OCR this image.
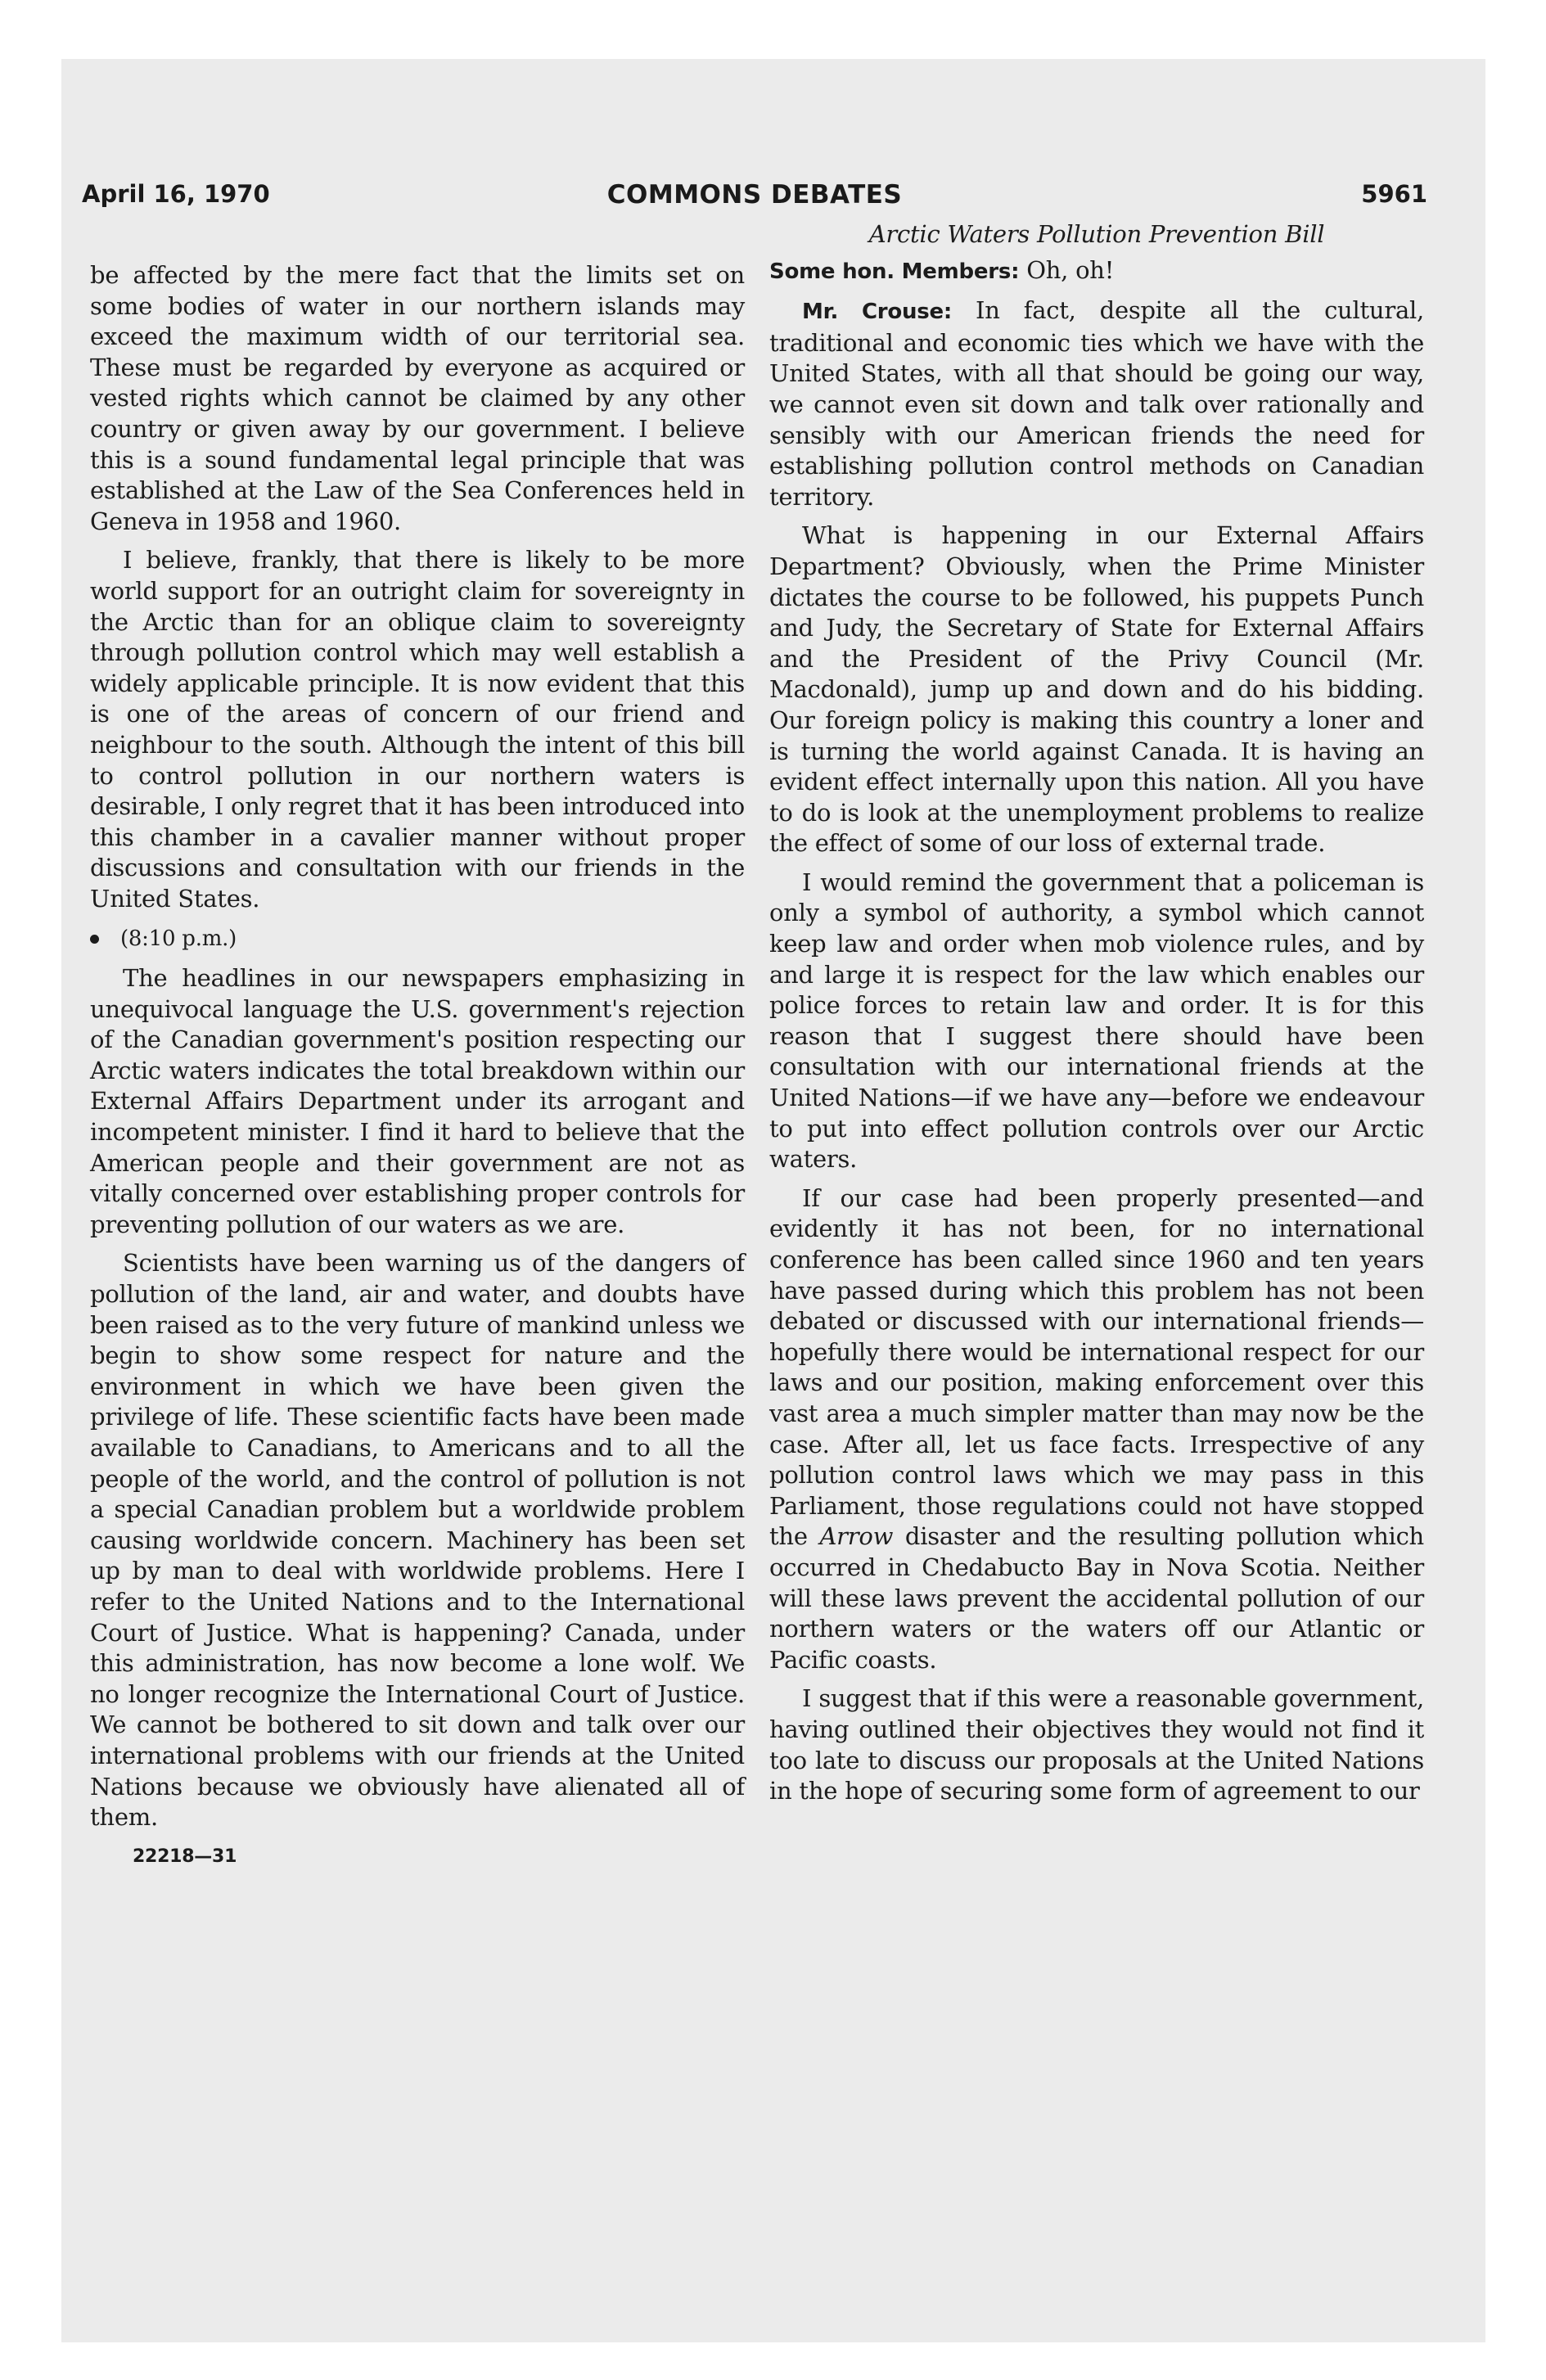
COMMONS DEBATES
April 16, 1970	5961

be affected by the mere fact that the limits set on some bodies of water in our northern islands may exceed the maximum width of our territorial sea. These must be regarded by everyone as acquired or vested rights which cannot be claimed by any other country or given away by our government. I believe this is a sound fundamental legal principle that was established at the Law of the Sea Conferences held in Geneva in 1958 and 1960.

I believe, frankly, that there is likely to be more world support for an outright claim for sovereignty in the Arctic than for an oblique claim to sovereignty through pollution control which may well establish a widely applicable principle. It is now evident that this is one of the areas of concern of our friend and neighbour to the south. Although the intent of this bill to control pollution in our northern waters is desirable, I only regret that it has been introduced into this chamber in a cavalier manner without proper discussions and consultation with our friends in the United States.

(8:10 p.m.)

The headlines in our newspapers emphasizing in unequivocal language the U.S. government's rejection of the Canadian government's position respecting our Arctic waters indicates the total breakdown within our External Affairs Department under its arrogant and incompetent minister. I find it hard to believe that the American people and their government are not as vitally concerned over establishing proper controls for preventing pollution of our waters as we are.

Scientists have been warning us of the dangers of pollution of the land, air and water, and doubts have been raised as to the very future of mankind unless we begin to show some respect for nature and the environment in which we have been given the privilege of life. These scientific facts have been made available to Canadians, to Americans and to all the people of the world, and the control of pollution is not a special Canadian problem but a worldwide problem causing worldwide concern. Machinery has been set up by man to deal with worldwide problems. Here I refer to the United Nations and to the International Court of Justice. What is happening? Canada, under this administration, has now become a lone wolf. We no longer recognize the International Court of Justice. We cannot be bothered to sit down and talk over our international problems with our friends at the United Nations because we obviously have alienated all of them.

22218—31
Arctic Waters Pollution Prevention Bill

Some hon. Members: Oh, oh!

Mr. Crouse: In fact, despite all the cultural, traditional and economic ties which we have with the United States, with all that should be going our way, we cannot even sit down and talk over rationally and sensibly with our American friends the need for establishing pollution control methods on Canadian territory.

What is happening in our External Affairs Department? Obviously, when the Prime Minister dictates the course to be followed, his puppets Punch and Judy, the Secretary of State for External Affairs and the President of the Privy Council (Mr. Macdonald), jump up and down and do his bidding. Our foreign policy is making this country a loner and is turning the world against Canada. It is having an evident effect internally upon this nation. All you have to do is look at the unemployment problems to realize the effect of some of our loss of external trade.

I would remind the government that a policeman is only a symbol of authority, a symbol which cannot keep law and order when mob violence rules, and by and large it is respect for the law which enables our police forces to retain law and order. It is for this reason that I suggest there should have been consultation with our international friends at the United Nations—if we have any—before we endeavour to put into effect pollution controls over our Arctic waters.

If our case had been properly presented—and evidently it has not been, for no international conference has been called since 1960 and ten years have passed during which this problem has not been debated or discussed with our international friends—hopefully there would be international respect for our laws and our position, making enforcement over this vast area a much simpler matter than may now be the case. After all, let us face facts. Irrespective of any pollution control laws which we may pass in this Parliament, those regulations could not have stopped the Arrow disaster and the resulting pollution which occurred in Chedabucto Bay in Nova Scotia. Neither will these laws prevent the accidental pollution of our northern waters or the waters off our Atlantic or Pacific coasts.

I suggest that if this were a reasonable government, having outlined their objectives they would not find it too late to discuss our proposals at the United Nations in the hope of securing some form of agreement to our
